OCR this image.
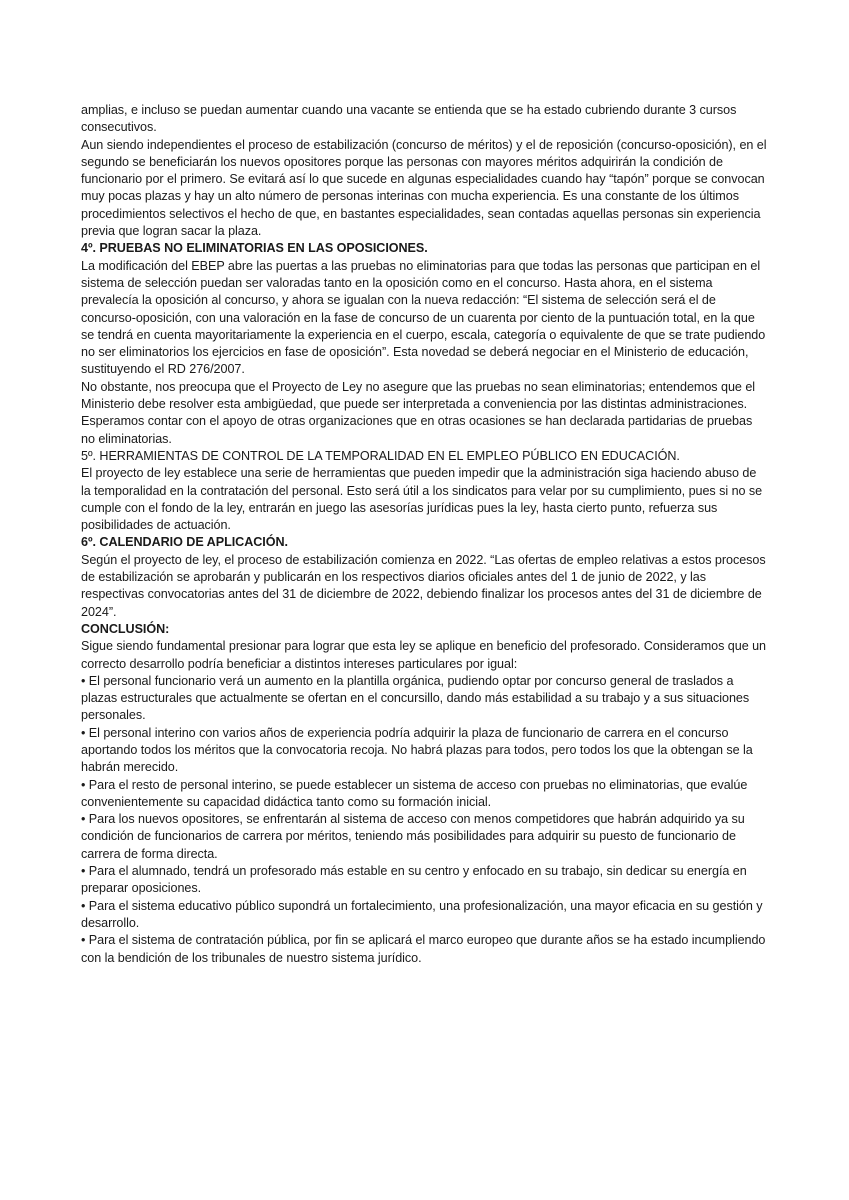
amplias, e incluso se puedan aumentar cuando una vacante se entienda que se ha estado cubriendo durante 3 cursos consecutivos.

Aun siendo independientes el proceso de estabilización (concurso de méritos) y el de reposición (concurso-oposición), en el segundo se beneficiarán los nuevos opositores porque las personas con mayores méritos adquirirán la condición de funcionario por el primero. Se evitará así lo que sucede en algunas especialidades cuando hay “tapón” porque se convocan muy pocas plazas y hay un alto número de personas interinas con mucha experiencia. Es una constante de los últimos procedimientos selectivos el hecho de que, en bastantes especialidades, sean contadas aquellas personas sin experiencia previa que logran sacar la plaza.

4º. PRUEBAS NO ELIMINATORIAS EN LAS OPOSICIONES.

La modificación del EBEP abre las puertas a las pruebas no eliminatorias para que todas las personas que participan en el sistema de selección puedan ser valoradas tanto en la oposición como en el concurso. Hasta ahora, en el sistema prevalecía la oposición al concurso, y ahora se igualan con la nueva redacción: “El sistema de selección será el de concurso-oposición, con una valoración en la fase de concurso de un cuarenta por ciento de la puntuación total, en la que se tendrá en cuenta mayoritariamente la experiencia en el cuerpo, escala, categoría o equivalente de que se trate pudiendo no ser eliminatorios los ejercicios en fase de oposición”. Esta novedad se deberá negociar en el Ministerio de educación, sustituyendo el RD 276/2007.

No obstante, nos preocupa que el Proyecto de Ley no asegure que las pruebas no sean eliminatorias; entendemos que el Ministerio debe resolver esta ambigüedad, que puede ser interpretada a conveniencia por las distintas administraciones. Esperamos contar con el apoyo de otras organizaciones que en otras ocasiones se han declarada partidarias de pruebas no eliminatorias.

5º. HERRAMIENTAS DE CONTROL DE LA TEMPORALIDAD EN EL EMPLEO PÚBLICO EN EDUCACIÓN.

El proyecto de ley establece una serie de herramientas que pueden impedir que la administración siga haciendo abuso de la temporalidad en la contratación del personal. Esto será útil a los sindicatos para velar por su cumplimiento, pues si no se cumple con el fondo de la ley, entrarán en juego las asesorías jurídicas pues la ley, hasta cierto punto, refuerza sus posibilidades de actuación.

6º. CALENDARIO DE APLICACIÓN.

Según el proyecto de ley, el proceso de estabilización comienza en 2022. “Las ofertas de empleo relativas a estos procesos de estabilización se aprobarán y publicarán en los respectivos diarios oficiales antes del 1 de junio de 2022, y las respectivas convocatorias antes del 31 de diciembre de 2022, debiendo finalizar los procesos antes del 31 de diciembre de 2024”.

CONCLUSIÓN:

Sigue siendo fundamental presionar para lograr que esta ley se aplique en beneficio del profesorado. Consideramos que un correcto desarrollo podría beneficiar a distintos intereses particulares por igual:

• El personal funcionario verá un aumento en la plantilla orgánica, pudiendo optar por concurso general de traslados a plazas estructurales que actualmente se ofertan en el concursillo, dando más estabilidad a su trabajo y a sus situaciones personales.

• El personal interino con varios años de experiencia podría adquirir la plaza de funcionario de carrera en el concurso aportando todos los méritos que la convocatoria recoja. No habrá plazas para todos, pero todos los que la obtengan se la habrán merecido.

• Para el resto de personal interino, se puede establecer un sistema de acceso con pruebas no eliminatorias, que evalúe convenientemente su capacidad didáctica tanto como su formación inicial.

• Para los nuevos opositores, se enfrentarán al sistema de acceso con menos competidores que habrán adquirido ya su condición de funcionarios de carrera por méritos, teniendo más posibilidades para adquirir su puesto de funcionario de carrera de forma directa.

• Para el alumnado, tendrá un profesorado más estable en su centro y enfocado en su trabajo, sin dedicar su energía en preparar oposiciones.

• Para el sistema educativo público supondrá un fortalecimiento, una profesionalización, una mayor eficacia en su gestión y desarrollo.

• Para el sistema de contratación pública, por fin se aplicará el marco europeo que durante años se ha estado incumpliendo con la bendición de los tribunales de nuestro sistema jurídico.
